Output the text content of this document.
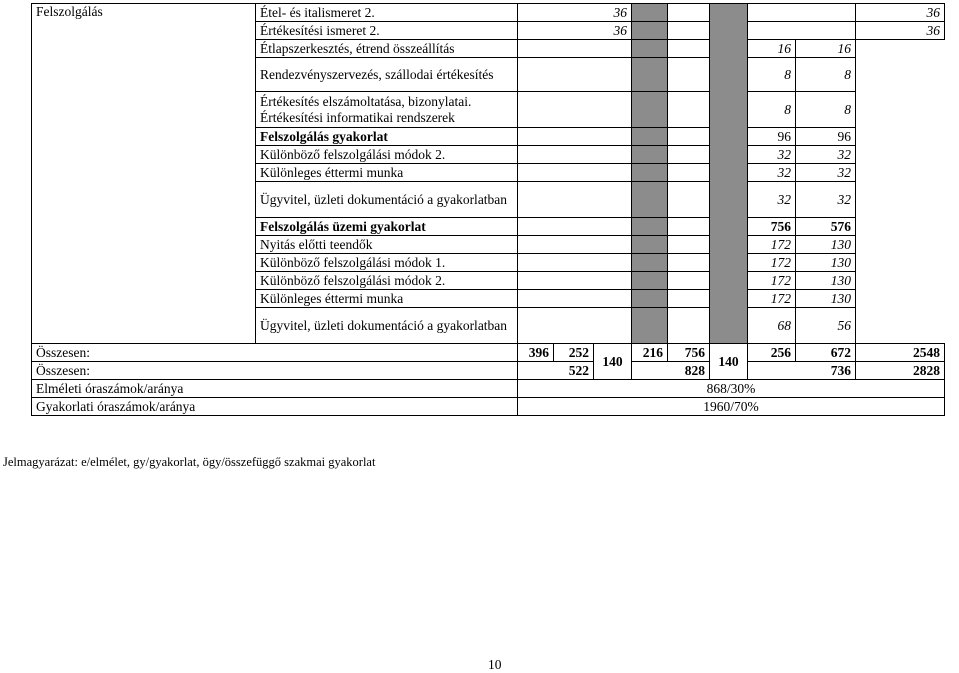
Felszolgálás	Étel- és italismeret 2.	36								36
	Értékesítési ismeret 2.	36								36
	Étlapszerkesztés, étrend összeállítás					16			16	
	Rendezvényszervezés, szállodai értékesítés					8			8	
	Értékesítés elszámoltatása, bizonylatai. Értékesítési informatikai rendszerek					8			8	
	Felszolgálás gyakorlat					96			96	
	Különböző felszolgálási módok 2.					32			32	
	Különleges éttermi munka					32			32	
	Ügyvitel, üzleti dokumentáció a gyakorlatban					32			32	
	Felszolgálás üzemi gyakorlat					756			576	
	Nyitás előtti teendők					172			130	
	Különböző felszolgálási módok 1.					172			130	
	Különböző felszolgálási módok 2.					172			130	
	Különleges éttermi munka					172			130	
	Ügyvitel, üzleti dokumentáció a gyakorlatban					68			56	
Összesen:		396	252	140	216	756	140	256	672	2548
Összesen:		522			828			736		2828
Elméleti óraszámok/aránya		868/30%								
Gyakorlati óraszámok/aránya		1960/70%								
Jelmagyarázat: e/elmélet, gy/gyakorlat, ögy/összefüggő szakmai gyakorlat
10
